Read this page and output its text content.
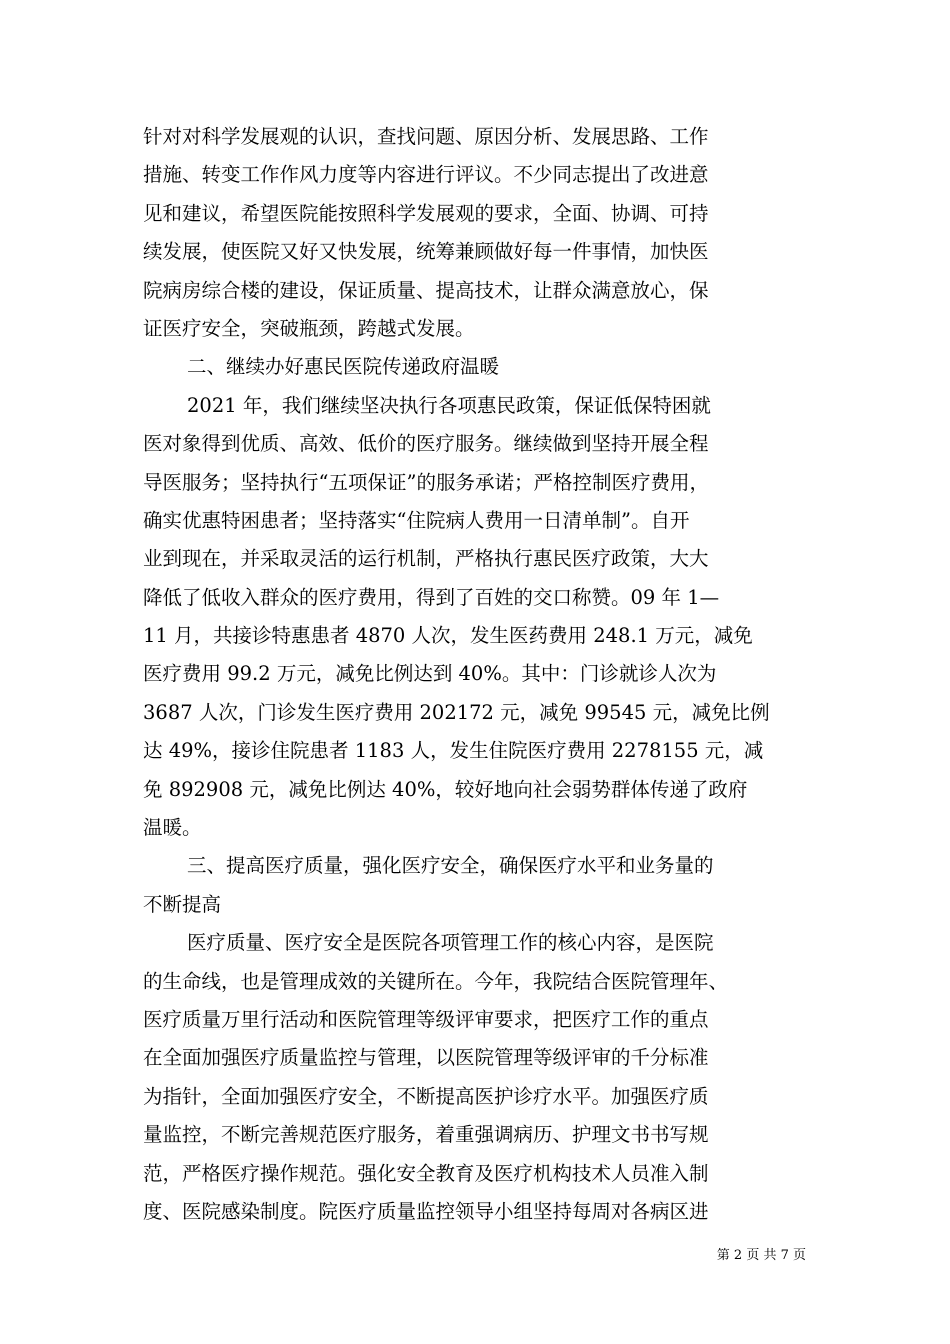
针对对科学发展观的认识，查找问题、原因分析、发展思路、工作
措施、转变工作作风力度等内容进行评议。不少同志提出了改进意
见和建议，希望医院能按照科学发展观的要求，全面、协调、可持
续发展，使医院又好又快发展，统筹兼顾做好每一件事情，加快医
院病房综合楼的建设，保证质量、提高技术，让群众满意放心，保
证医疗安全，突破瓶颈，跨越式发展。
二、继续办好惠民医院传递政府温暖
2021 年，我们继续坚决执行各项惠民政策，保证低保特困就
医对象得到优质、高效、低价的医疗服务。继续做到坚持开展全程
导医服务；坚持执行“五项保证”的服务承诺；严格控制医疗费用，
确实优惠特困患者；坚持落实“住院病人费用一日清单制”。自开
业到现在，并采取灵活的运行机制，严格执行惠民医疗政策，大大
降低了低收入群众的医疗费用，得到了百姓的交口称赞。09 年 1—
11 月，共接诊特惠患者 4870 人次，发生医药费用 248.1 万元，减免
医疗费用 99.2 万元，减免比例达到 40%。其中：门诊就诊人次为
3687 人次，门诊发生医疗费用 202172 元，减免 99545 元，减免比例
达 49%，接诊住院患者 1183 人，发生住院医疗费用 2278155 元，减
免 892908 元，减免比例达 40%，较好地向社会弱势群体传递了政府
温暖。
三、提高医疗质量，强化医疗安全，确保医疗水平和业务量的
不断提高
医疗质量、医疗安全是医院各项管理工作的核心内容，是医院
的生命线，也是管理成效的关键所在。今年，我院结合医院管理年、
医疗质量万里行活动和医院管理等级评审要求，把医疗工作的重点
在全面加强医疗质量监控与管理，以医院管理等级评审的千分标准
为指针，全面加强医疗安全，不断提高医护诊疗水平。加强医疗质
量监控，不断完善规范医疗服务，着重强调病历、护理文书书写规
范，严格医疗操作规范。强化安全教育及医疗机构技术人员准入制
度、医院感染制度。院医疗质量监控领导小组坚持每周对各病区进
第 2 页 共 7 页
